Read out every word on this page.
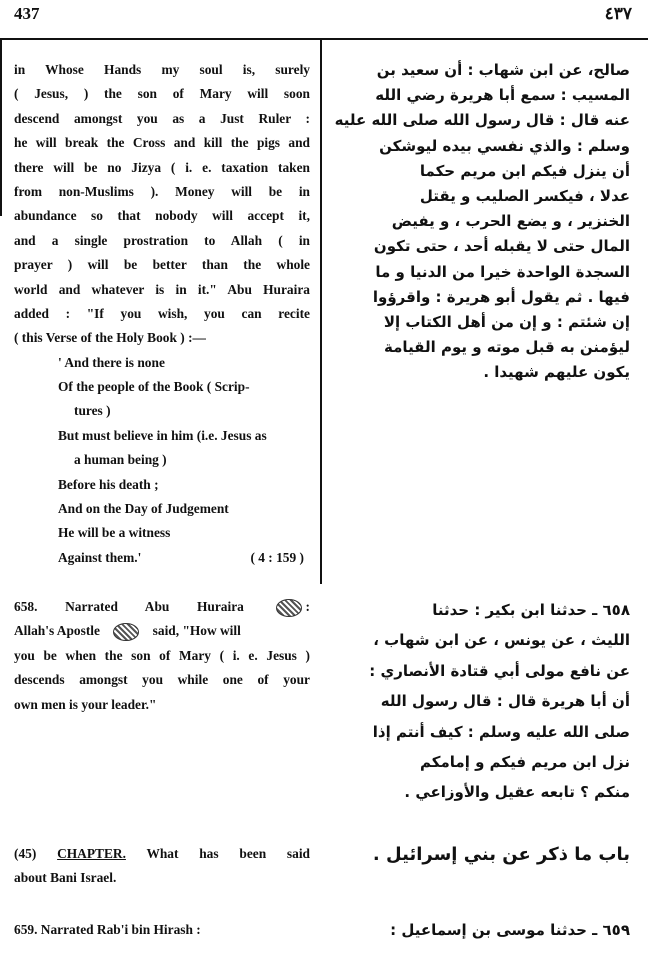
437	٤٣٧

in Whose Hands my soul is, surely

( Jesus, ) the son of Mary will soon

descend amongst you as a Just Ruler :

he will break the Cross and kill the pigs and

there will be no Jizya ( i. e. taxation taken

from non-Muslims ). Money will be in

abundance so that nobody will accept it,

and a single prostration to Allah ( in

prayer ) will be better than the whole

world and whatever is in it." Abu Huraira

added : "If you wish, you can recite

( this Verse of the Holy Book ) :—

' And there is none

Of the people of the Book ( Scrip-

tures )

But must believe in him (i.e. Jesus as

a human being )

Before his death ;

And on the Day of Judgement

He will be a witness

Against them.'	( 4 : 159 )

صالح، عن ابن شهاب : أن سعيد بن

المسيب : سمع أبا هريرة رضي الله

عنه قال : قال رسول الله صلى الله عليه

وسلم : والذي نفسي بيده ليوشكن

أن ينزل فيكم ابن مريم حكما

عدلا ، فيكسر الصليب و يقتل

الخنزير ، و يضع الحرب ، و يفيض

المال حتى لا يقبله أحد ، حتى تكون

السجدة الواحدة خيرا من الدنيا و ما

فيها . ثم يقول أبو هريرة : واقرؤوا

إن شئتم : و إن من أهل الكتاب إلا

ليؤمنن به قبل موته و يوم القيامة

يكون عليهم شهيدا .

658. Narrated Abu Huraira	:

Allah's Apostle	said, "How will

you be when the son of Mary ( i. e. Jesus )

descends amongst you while one of your

own men is your leader."

٦٥٨ ـ حدثنا ابن بكير : حدثنا

الليث ، عن يونس ، عن ابن شهاب ،

عن نافع مولى أبي قتادة الأنصاري :

أن أبا هريرة قال : قال رسول الله

صلى الله عليه وسلم : كيف أنتم إذا

نزل ابن مريم فيكم و إمامكم

منكم ؟ تابعه عقيل والأوزاعي .

(45) CHAPTER. What has been said

about Bani Israel.

باب ما ذكر عن بني إسرائيل .

659. Narrated Rab'i bin Hirash :	٦٥٩ ـ حدثنا موسى بن إسماعيل :
